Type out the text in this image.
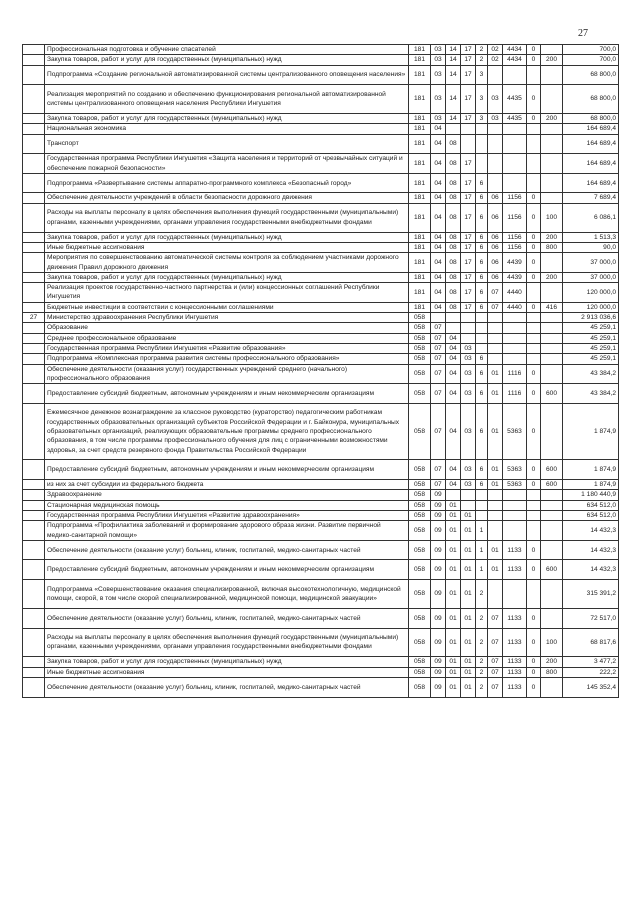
27
	Профессиональная подготовка и обучение спасателей	181	03	14	17	2	02	4434	0		700,0
	Закупка товаров, работ и услуг для государственных (муниципальных) нужд	181	03	14	17	2	02	4434	0	200	700,0
	Подпрограмма «Создание региональной автоматизированной системы централизованного оповещения населения»	181	03	14	17	3					68 800,0
	Реализация мероприятий по созданию и обеспечению функционирования региональной автоматизированной системы централизованного оповещения населения Республики Ингушетия	181	03	14	17	3	03	4435	0		68 800,0
	Закупка товаров, работ и услуг для государственных (муниципальных) нужд	181	03	14	17	3	03	4435	0	200	68 800,0
	Национальная экономика	181	04								164 689,4
	Транспорт	181	04	08							164 689,4
	Государственная программа Республики Ингушетия «Защита населения и территорий от чрезвычайных ситуаций и обеспечение пожарной безопасности»	181	04	08	17						164 689,4
	Подпрограмма «Развертывание системы аппаратно-программного комплекса «Безопасный город»	181	04	08	17	6					164 689,4
	Обеспечение деятельности учреждений в области безопасности дорожного движения	181	04	08	17	6	06	1156	0		7 689,4
	Расходы на выплаты персоналу в целях обеспечения выполнения функций государственными (муниципальными) органами, казенными учреждениями, органами управления государственными внебюджетными фондами	181	04	08	17	6	06	1156	0	100	6 086,1
	Закупка товаров, работ и услуг для государственных (муниципальных) нужд	181	04	08	17	6	06	1156	0	200	1 513,3
	Иные бюджетные ассигнования	181	04	08	17	6	06	1156	0	800	90,0
	Мероприятия по совершенствованию автоматической системы контроля за соблюдением участниками дорожного движения Правил дорожного движения	181	04	08	17	6	06	4439	0		37 000,0
	Закупка товаров, работ и услуг для государственных (муниципальных) нужд	181	04	08	17	6	06	4439	0	200	37 000,0
	Реализация проектов государственно-частного партнерства и (или) концессионных соглашений Республики Ингушетия	181	04	08	17	6	07	4440			120 000,0
	Бюджетные инвестиции в соответствии с концессионными соглашениями	181	04	08	17	6	07	4440	0	416	120 000,0
27	Министерство здравоохранения Республики Ингушетия	058									2 913 036,6
	Образование	058	07								45 259,1
	Среднее профессиональное образование	058	07	04							45 259,1
	Государственная программа Республики Ингушетия «Развитие образования»	058	07	04	03						45 259,1
	Подпрограмма «Комплексная программа развития системы профессионального образования»	058	07	04	03	6					45 259,1
	Обеспечение деятельности (оказания услуг) государственных учреждений среднего (начального) профессионального образования	058	07	04	03	6	01	1116	0		43 384,2
	Предоставление субсидий бюджетным, автономным учреждениям и иным некоммерческим организациям	058	07	04	03	6	01	1116	0	600	43 384,2
	Ежемесячное денежное вознаграждение за классное руководство (кураторство) педагогическим работникам государственных образовательных организаций субъектов Российской Федерации и г. Байконура, муниципальных образовательных организаций, реализующих образовательные программы среднего профессионального образования, в том числе программы профессионального обучения для лиц с ограниченными возможностями здоровья, за счет средств резервного фонда Правительства Российской Федерации	058	07	04	03	6	01	5363	0		1 874,9
	Предоставление субсидий бюджетным, автономным учреждениям и иным некоммерческим организациям	058	07	04	03	6	01	5363	0	600	1 874,9
	из них за счет субсидии из федерального бюджета	058	07	04	03	6	01	5363	0	600	1 874,9
	Здравоохранение	058	09								1 180 440,9
	Стационарная медицинская помощь	058	09	01							634 512,0
	Государственная программа Республики Ингушетия «Развитие здравоохранения»	058	09	01	01						634 512,0
	Подпрограмма «Профилактика заболеваний и формирование здорового образа жизни. Развитие первичной медико-санитарной помощи»	058	09	01	01	1					14 432,3
	Обеспечение деятельности (оказание услуг) больниц, клиник, госпиталей, медико-санитарных частей	058	09	01	01	1	01	1133	0		14 432,3
	Предоставление субсидий бюджетным, автономным учреждениям и иным некоммерческим организациям	058	09	01	01	1	01	1133	0	600	14 432,3
	Подпрограмма «Совершенствование оказания специализированной, включая высокотехнологичную, медицинской помощи, скорой, в том числе скорой специализированной, медицинской помощи, медицинской эвакуации»	058	09	01	01	2					315 391,2
	Обеспечение деятельности (оказание услуг) больниц, клиник, госпиталей, медико-санитарных частей	058	09	01	01	2	07	1133	0		72 517,0
	Расходы на выплаты персоналу в целях обеспечения выполнения функций государственными (муниципальными) органами, казенными учреждениями, органами управления государственными внебюджетными фондами	058	09	01	01	2	07	1133	0	100	68 817,6
	Закупка товаров, работ и услуг для государственных (муниципальных) нужд	058	09	01	01	2	07	1133	0	200	3 477,2
	Иные бюджетные ассигнования	058	09	01	01	2	07	1133	0	800	222,2
	Обеспечение деятельности (оказание услуг) больниц, клиник, госпиталей, медико-санитарных частей	058	09	01	01	2	07	1133	0		145 352,4
